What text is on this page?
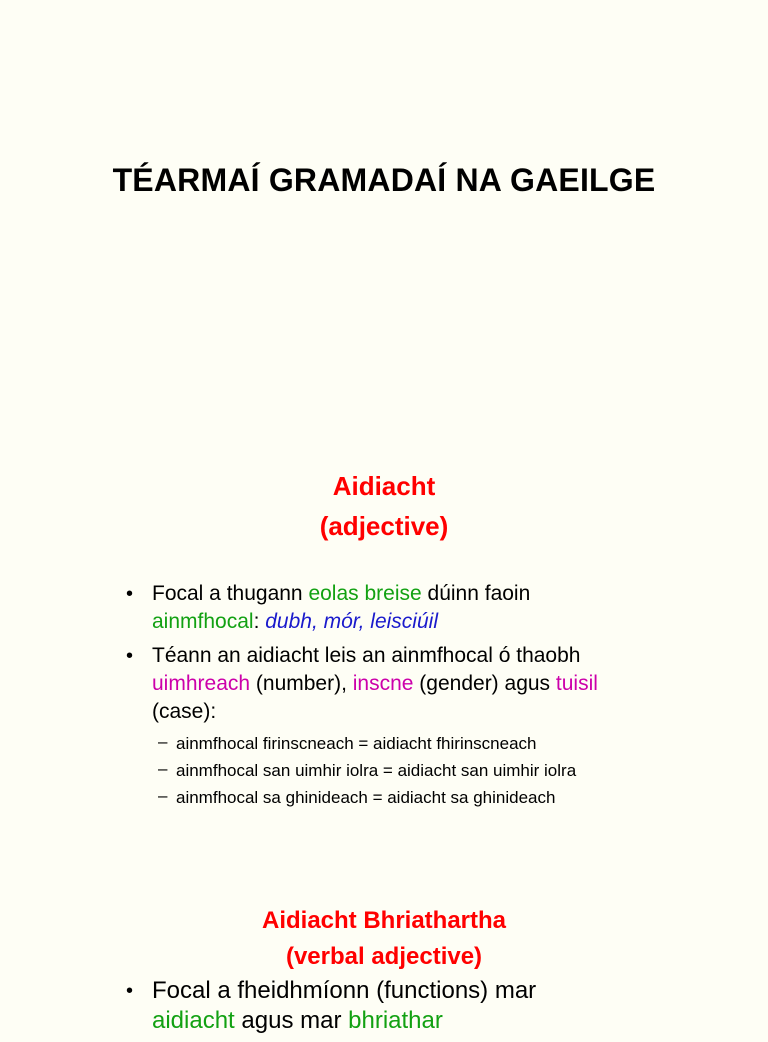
TÉARMAÍ GRAMADAÍ NA GAEILGE
Aidiacht
(adjective)
• Focal a thugann eolas breise dúinn faoin
ainmfhocal: dubh, mór, leisciúil
• Téann an aidiacht leis an ainmfhocal ó thaobh
uimhreach (number), inscne (gender) agus tuisil
(case):
– ainmfhocal firinscneach = aidiacht fhirinscneach
– ainmfhocal san uimhir iolra = aidiacht san uimhir iolra
– ainmfhocal sa ghinideach = aidiacht sa ghinideach
Aidiacht Bhriathartha
(verbal adjective)
• Focal a fheidhmíonn (functions) mar
aidiacht agus mar bhriathar
